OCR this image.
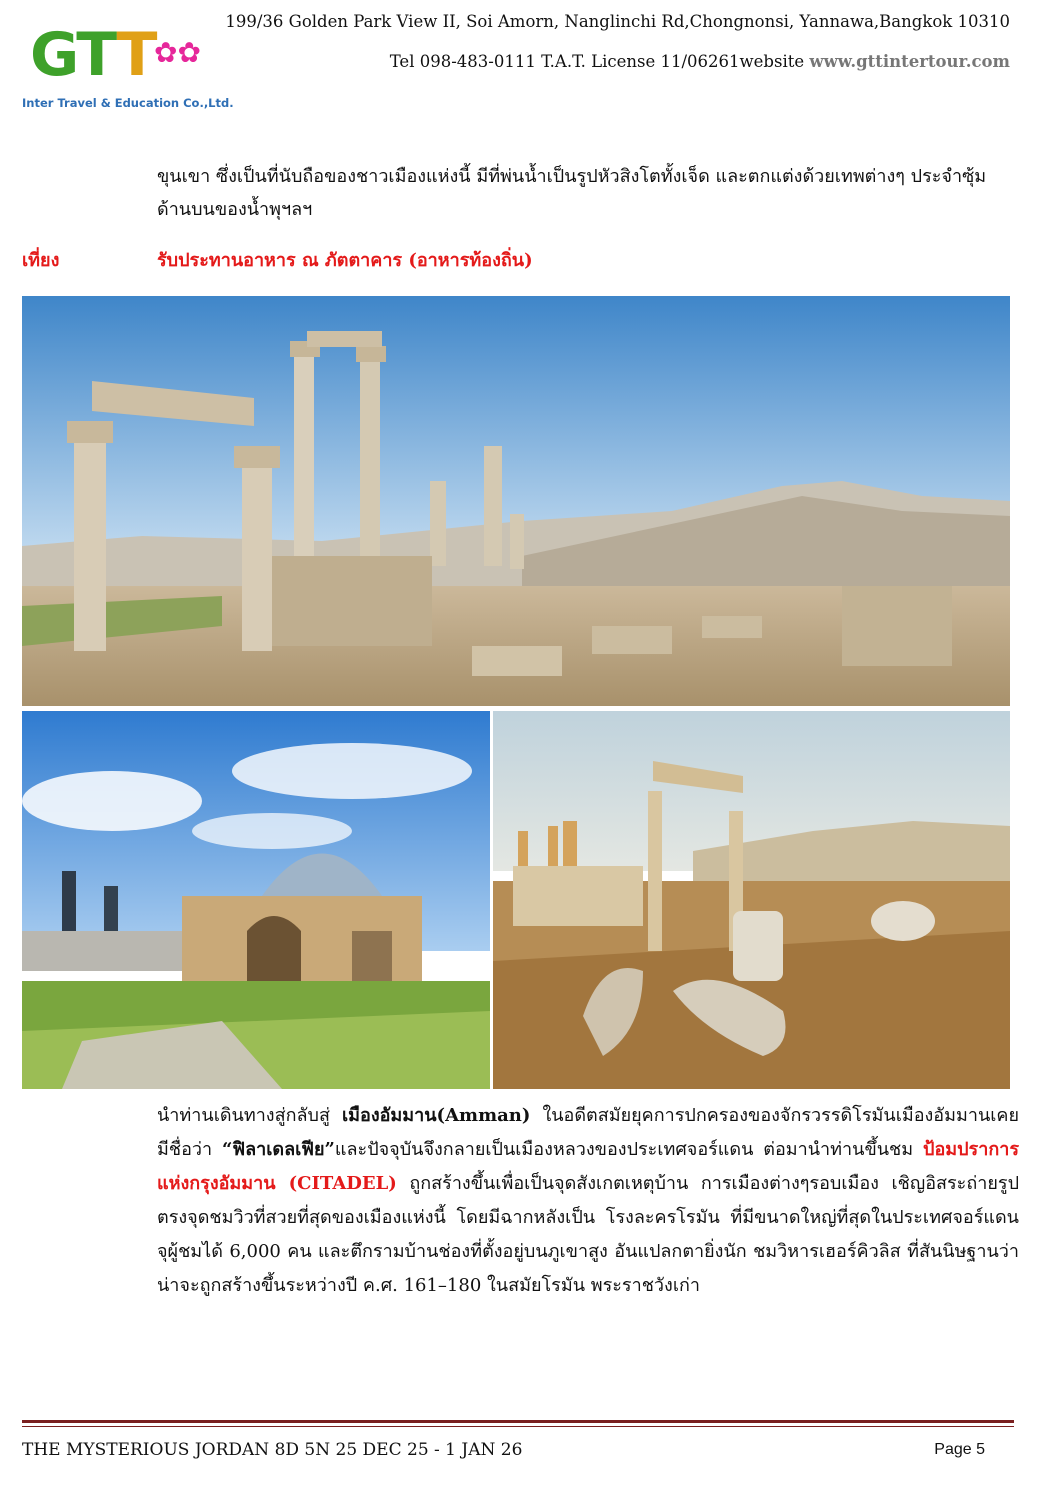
GTT
✿✿
Inter Travel & Education Co.,Ltd.
199/36 Golden Park View II, Soi Amorn, Nanglinchi Rd,Chongnonsi, Yannawa,Bangkok 10310
Tel 098-483-0111 T.A.T. License 11/06261website www.gttintertour.com
ขุนเขา ซึ่งเป็นที่นับถือของชาวเมืองแห่งนี้ มีที่พ่นน้ำเป็นรูปหัวสิงโตทั้งเจ็ด และตกแต่งด้วยเทพต่างๆ ประจำซุ้มด้านบนของน้ำพุฯลฯ
เที่ยง	รับประทานอาหาร ณ ภัตตาคาร (อาหารท้องถิ่น)
นำท่านเดินทางสู่กลับสู่ เมืองอัมมาน(Amman) ในอดีตสมัยยุคการปกครองของจักรวรรดิโรมันเมืองอัมมานเคยมีชื่อว่า “ฟิลาเดลเฟีย”และปัจจุบันจึงกลายเป็นเมืองหลวงของประเทศจอร์แดน ต่อมานำท่านขึ้นชม ป้อมปราการแห่งกรุงอัมมาน (CITADEL) ถูกสร้างขึ้นเพื่อเป็นจุดสังเกตเหตุบ้าน การเมืองต่างๆรอบเมือง เชิญอิสระถ่ายรูปตรงจุดชมวิวที่สวยที่สุดของเมืองแห่งนี้ โดยมีฉากหลังเป็น โรงละครโรมัน ที่มีขนาดใหญ่ที่สุดในประเทศจอร์แดน จุผู้ชมได้ 6,000 คน และตึกรามบ้านช่องที่ตั้งอยู่บนภูเขาสูง อันแปลกตายิ่งนัก ชมวิหารเฮอร์คิวลิส ที่สันนิษฐานว่าน่าจะถูกสร้างขึ้นระหว่างปี ค.ศ. 161–180 ในสมัยโรมัน พระราชวังเก่า
THE MYSTERIOUS JORDAN 8D 5N 25 DEC 25 - 1 JAN 26	Page 5
